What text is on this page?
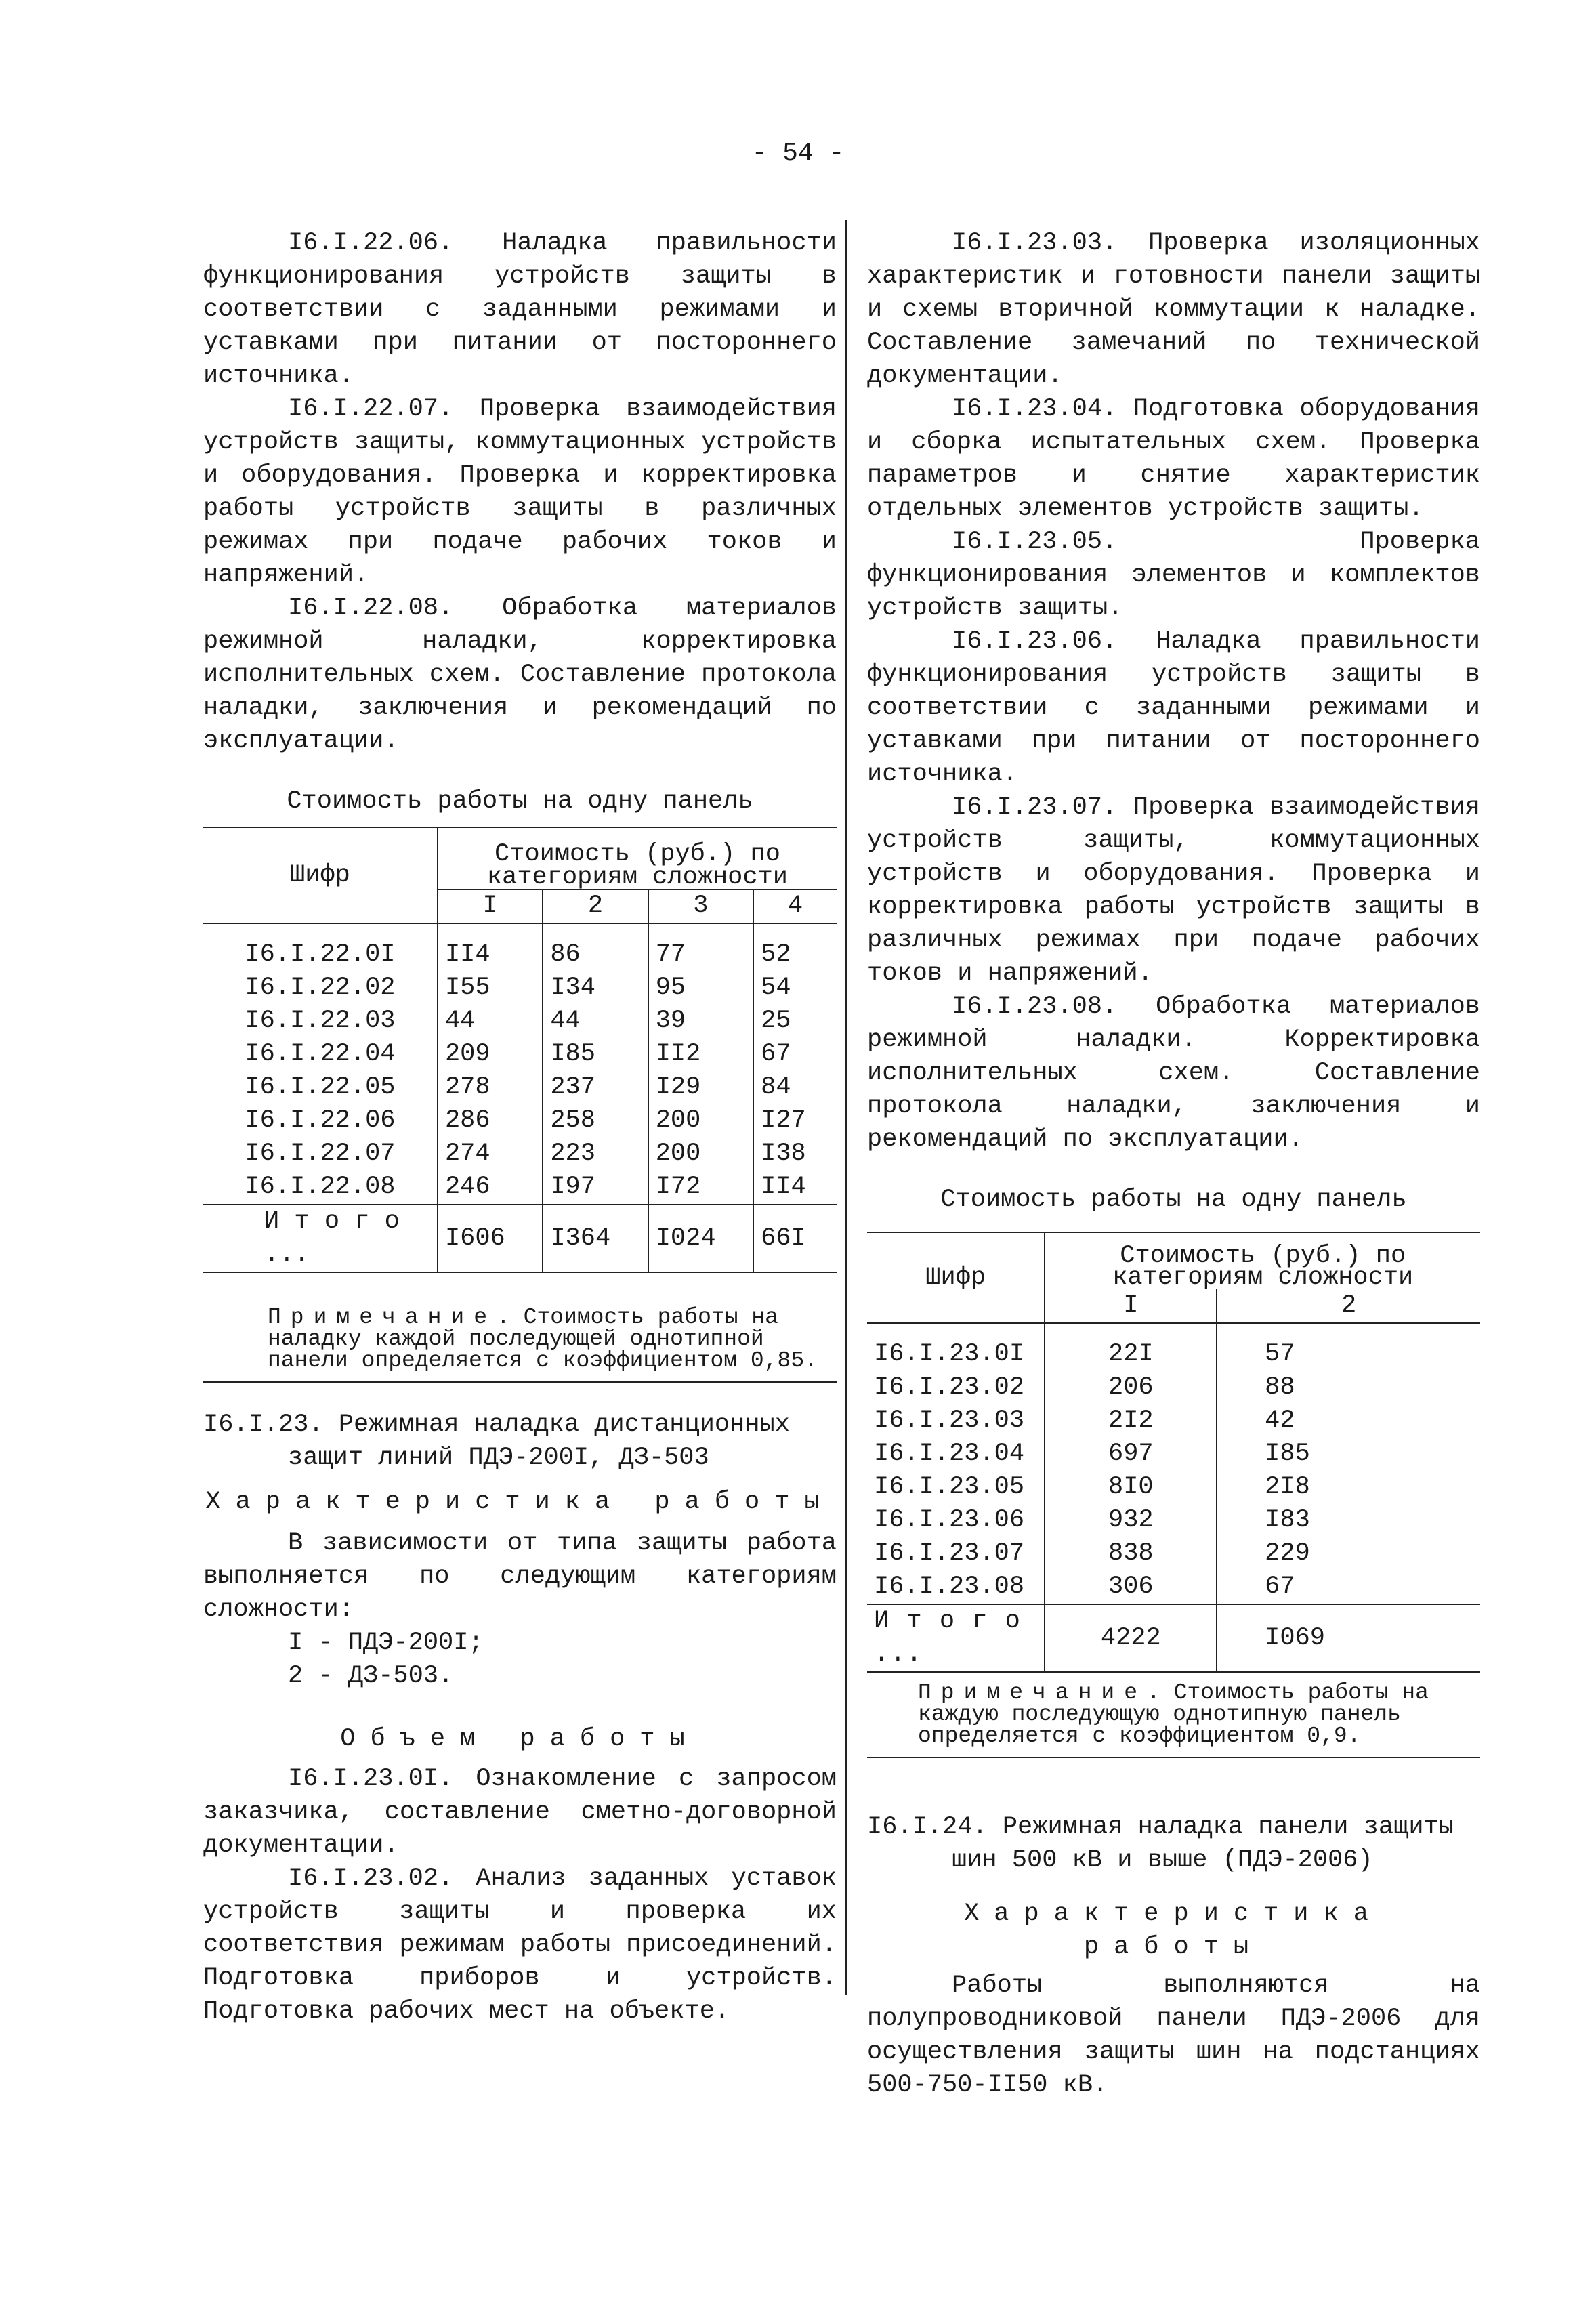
- 54 -

I6.I.22.06. Наладка правильности функционирования устройств защиты в соответствии с заданными режимами и уставками при питании от постороннего источника.

I6.I.22.07. Проверка взаимодействия устройств защиты, коммутационных устройств и оборудования. Проверка и корректировка работы устройств защиты в различных режимах при подаче рабочих токов и напряжений.

I6.I.22.08. Обработка материалов режимной наладки, корректировка исполнительных схем. Составление протокола наладки, заключения и рекомендаций по эксплуатации.

Стоимость работы на одну панель

Шифр	Стоимость (руб.) по категориям сложности			
	I	2	3	4

I6.I.22.0I	II4	86	77	52
I6.I.22.02	I55	I34	95	54
I6.I.22.03	44	44	39	25
I6.I.22.04	209	I85	II2	67
I6.I.22.05	278	237	I29	84
I6.I.22.06	286	258	200	I27
I6.I.22.07	274	223	200	I38
I6.I.22.08	246	I97	I72	II4
И т о г о ...	I606	I364	I024	66I
Примечание. Стоимость работы на наладку каждой последующей однотипной панели определяется с коэффициентом 0,85.

I6.I.23. Режимная наладка дистанционных защит линий ПДЭ-200I, ДЗ-503

Характеристика работы

В зависимости от типа защиты работа выполняется по следующим категориям сложности:

I - ПДЭ-200I;

2 - ДЗ-503.

Объем работы

I6.I.23.0I. Ознакомление с запросом заказчика, составление сметно-договорной документации.

I6.I.23.02. Анализ заданных уставок устройств защиты и проверка их соответствия режимам работы присоединений. Подготовка приборов и устройств. Подготовка рабочих мест на объекте.

I6.I.23.03. Проверка изоляционных характеристик и готовности панели защиты и схемы вторичной коммутации к наладке. Составление замечаний по технической документации.

I6.I.23.04. Подготовка оборудования и сборка испытательных схем. Проверка параметров и снятие характеристик отдельных элементов устройств защиты.

I6.I.23.05. Проверка функционирования элементов и комплектов устройств защиты.

I6.I.23.06. Наладка правильности функционирования устройств защиты в соответствии с заданными режимами и уставками при питании от постороннего источника.

I6.I.23.07. Проверка взаимодействия устройств защиты, коммутационных устройств и оборудования. Проверка и корректировка работы устройств защиты в различных режимах при подаче рабочих токов и напряжений.

I6.I.23.08. Обработка материалов режимной наладки. Корректировка исполнительных схем. Составление протокола наладки, заключения и рекомендаций по эксплуатации.

Стоимость работы на одну панель

Шифр	Стоимость (руб.) по категориям сложности	
	I	2

I6.I.23.0I	22I	57
I6.I.23.02	206	88
I6.I.23.03	2I2	42
I6.I.23.04	697	I85
I6.I.23.05	8I0	2I8
I6.I.23.06	932	I83
I6.I.23.07	838	229
I6.I.23.08	306	67
И т о г о ...	4222	I069
Примечание. Стоимость работы на каждую последующую однотипную панель определяется с коэффициентом 0,9.

I6.I.24. Режимная наладка панели защиты шин 500 кВ и выше (ПДЭ-2006)

Характеристика работы

Работы выполняются на полупроводниковой панели ПДЭ-2006 для осуществления защиты шин на подстанциях 500-750-II50 кВ.
